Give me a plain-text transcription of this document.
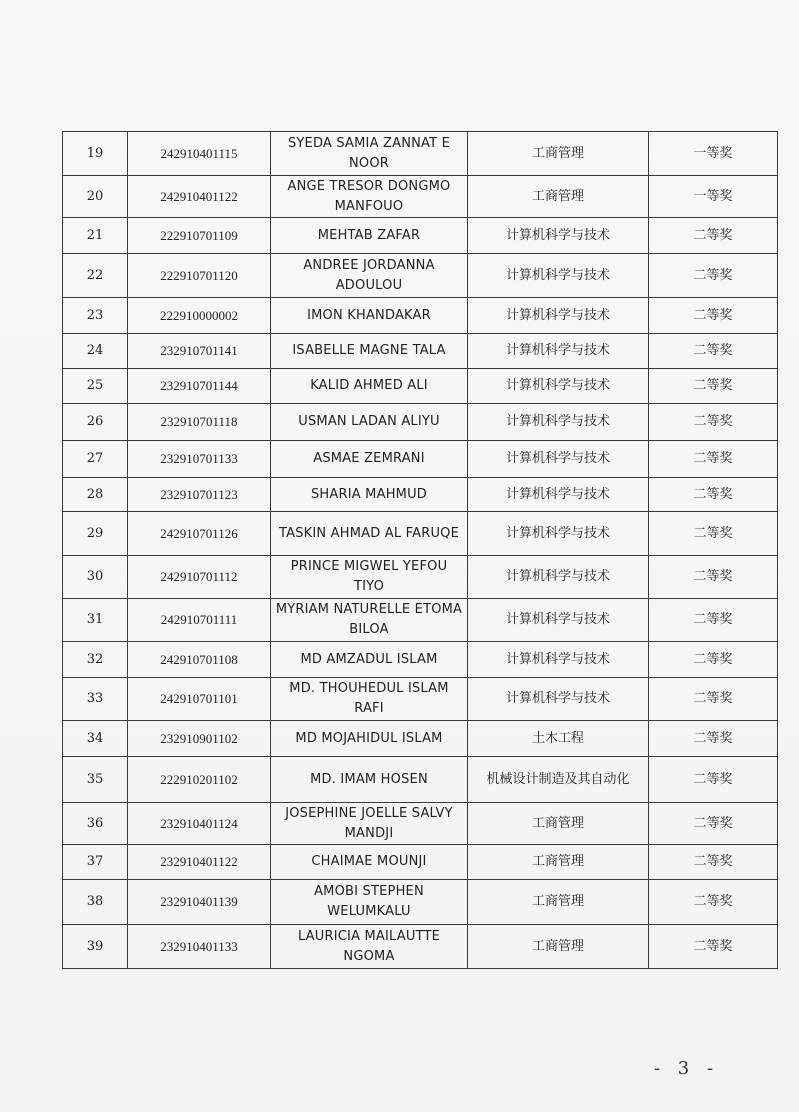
19	242910401115	SYEDA SAMIA ZANNAT E NOOR	工商管理	一等奖
20	242910401122	ANGE TRESOR DONGMO MANFOUO	工商管理	一等奖
21	222910701109	MEHTAB ZAFAR	计算机科学与技术	二等奖
22	222910701120	ANDREE JORDANNA ADOULOU	计算机科学与技术	二等奖
23	222910000002	IMON KHANDAKAR	计算机科学与技术	二等奖
24	232910701141	ISABELLE MAGNE TALA	计算机科学与技术	二等奖
25	232910701144	KALID AHMED ALI	计算机科学与技术	二等奖
26	232910701118	USMAN LADAN ALIYU	计算机科学与技术	二等奖
27	232910701133	ASMAE ZEMRANI	计算机科学与技术	二等奖
28	232910701123	SHARIA MAHMUD	计算机科学与技术	二等奖
29	242910701126	TASKIN AHMAD AL FARUQE	计算机科学与技术	二等奖
30	242910701112	PRINCE MIGWEL YEFOU TIYO	计算机科学与技术	二等奖
31	242910701111	MYRIAM NATURELLE ETOMA BILOA	计算机科学与技术	二等奖
32	242910701108	MD AMZADUL ISLAM	计算机科学与技术	二等奖
33	242910701101	MD. THOUHEDUL ISLAM RAFI	计算机科学与技术	二等奖
34	232910901102	MD MOJAHIDUL ISLAM	土木工程	二等奖
35	222910201102	MD. IMAM HOSEN	机械设计制造及其自动化	二等奖
36	232910401124	JOSEPHINE JOELLE SALVY MANDJI	工商管理	二等奖
37	232910401122	CHAIMAE MOUNJI	工商管理	二等奖
38	232910401139	AMOBI STEPHEN WELUMKALU	工商管理	二等奖
39	232910401133	LAURICIA MAILAUTTE NGOMA	工商管理	二等奖
- 3 -
